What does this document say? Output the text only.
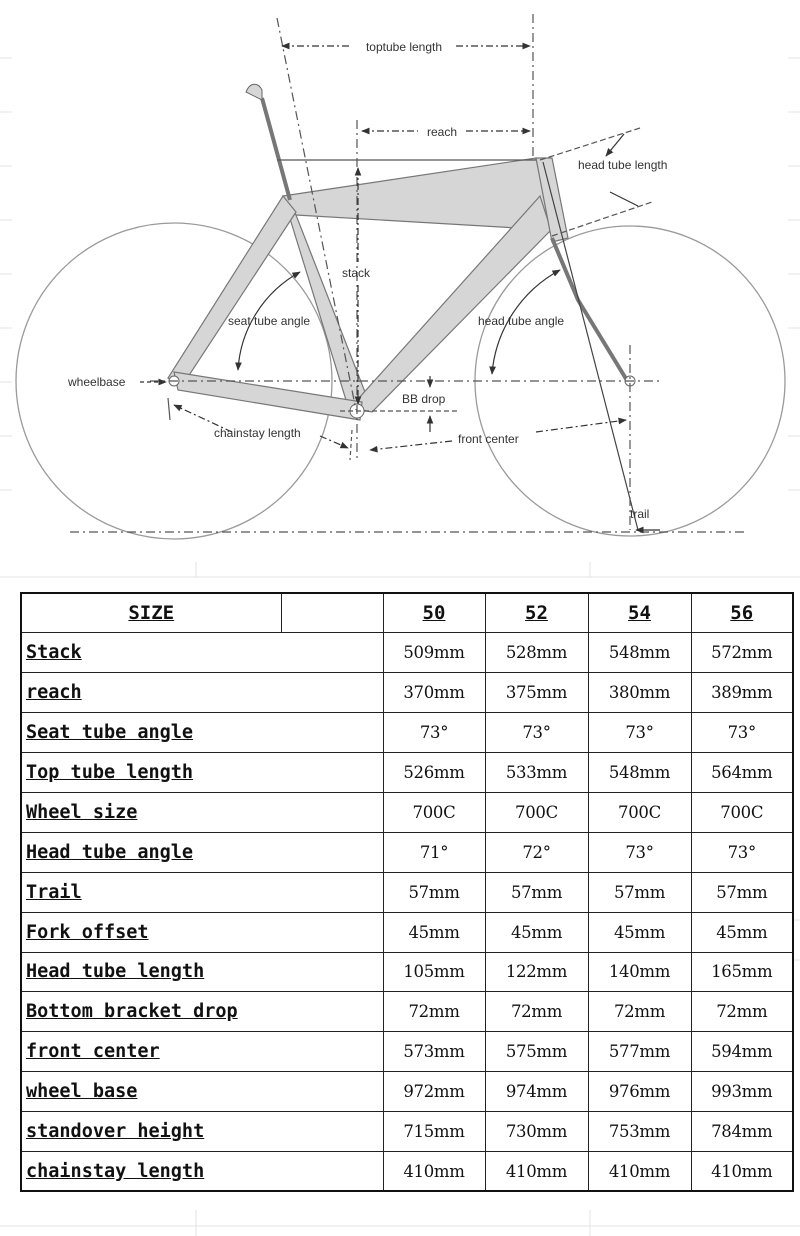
toptube length
reach
head tube length
stack
seat tube angle	head tube angle
wheelbase
BB drop
chainstay length	front center
trail
SIZE		50	52	54	56
Stack		509mm	528mm	548mm	572mm
reach		370mm	375mm	380mm	389mm
Seat tube angle		73°	73°	73°	73°
Top tube length		526mm	533mm	548mm	564mm
Wheel size		700C	700C	700C	700C
Head tube angle		71°	72°	73°	73°
Trail		57mm	57mm	57mm	57mm
Fork offset		45mm	45mm	45mm	45mm
Head tube length		105mm	122mm	140mm	165mm
Bottom bracket drop		72mm	72mm	72mm	72mm
front center		573mm	575mm	577mm	594mm
wheel base		972mm	974mm	976mm	993mm
standover height		715mm	730mm	753mm	784mm
chainstay length		410mm	410mm	410mm	410mm
